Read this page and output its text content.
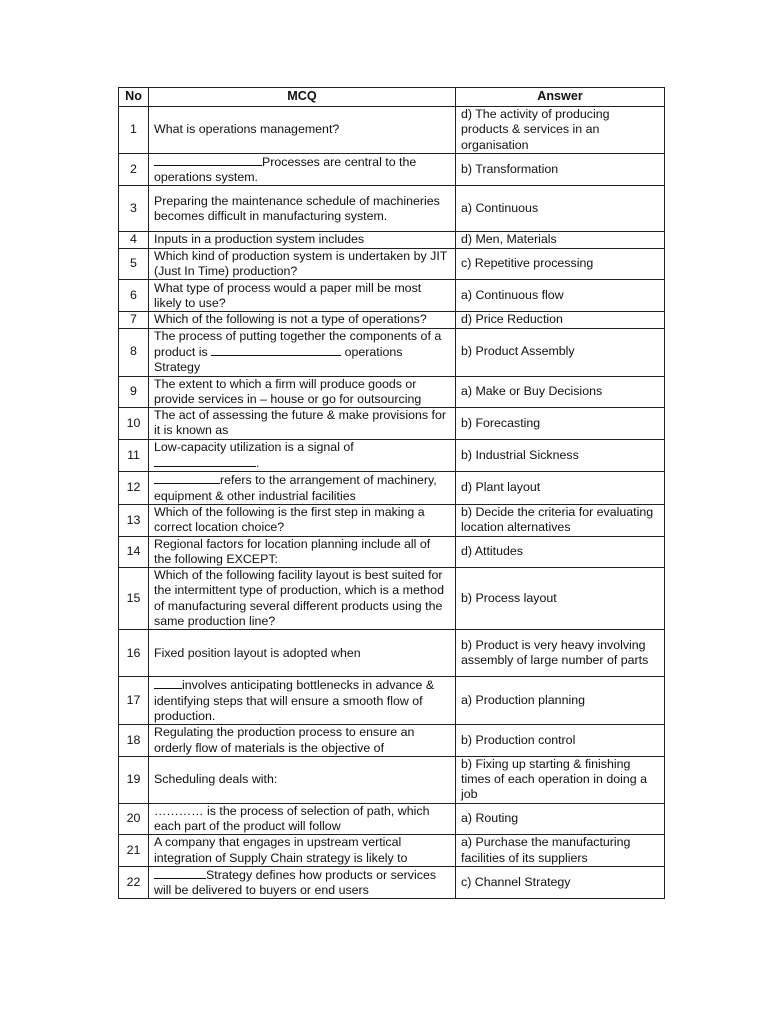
No	MCQ	Answer
1	What is operations management?	d) The activity of producing products & services in an organisation
2	Processes are central to the operations system.	b) Transformation
3	Preparing the maintenance schedule of machineries becomes difficult in manufacturing system.	a) Continuous
4	Inputs in a production system includes	d) Men, Materials
5	Which kind of production system is undertaken by JIT (Just In Time) production?	c) Repetitive processing
6	What type of process would a paper mill be most likely to use?	a) Continuous flow
7	Which of the following is not a type of operations?	d) Price Reduction
8	The process of putting together the components of a product is operations Strategy	b) Product Assembly
9	The extent to which a firm will produce goods or provide services in – house or go for outsourcing	a) Make or Buy Decisions
10	The act of assessing the future & make provisions for it is known as	b) Forecasting
11	Low-capacity utilization is a signal of .	b) Industrial Sickness
12	refers to the arrangement of machinery, equipment & other industrial facilities	d) Plant layout
13	Which of the following is the first step in making a correct location choice?	b) Decide the criteria for evaluating location alternatives
14	Regional factors for location planning include all of the following EXCEPT:	d) Attitudes
15	Which of the following facility layout is best suited for the intermittent type of production, which is a method of manufacturing several different products using the same production line?	b) Process layout
16	Fixed position layout is adopted when	b) Product is very heavy involving assembly of large number of parts
17	involves anticipating bottlenecks in advance & identifying steps that will ensure a smooth flow of production.	a) Production planning
18	Regulating the production process to ensure an orderly flow of materials is the objective of	b) Production control
19	Scheduling deals with:	b) Fixing up starting & finishing times of each operation in doing a job
20	………… is the process of selection of path, which each part of the product will follow	a) Routing
21	A company that engages in upstream vertical integration of Supply Chain strategy is likely to	a) Purchase the manufacturing facilities of its suppliers
22	Strategy defines how products or services will be delivered to buyers or end users	c) Channel Strategy
